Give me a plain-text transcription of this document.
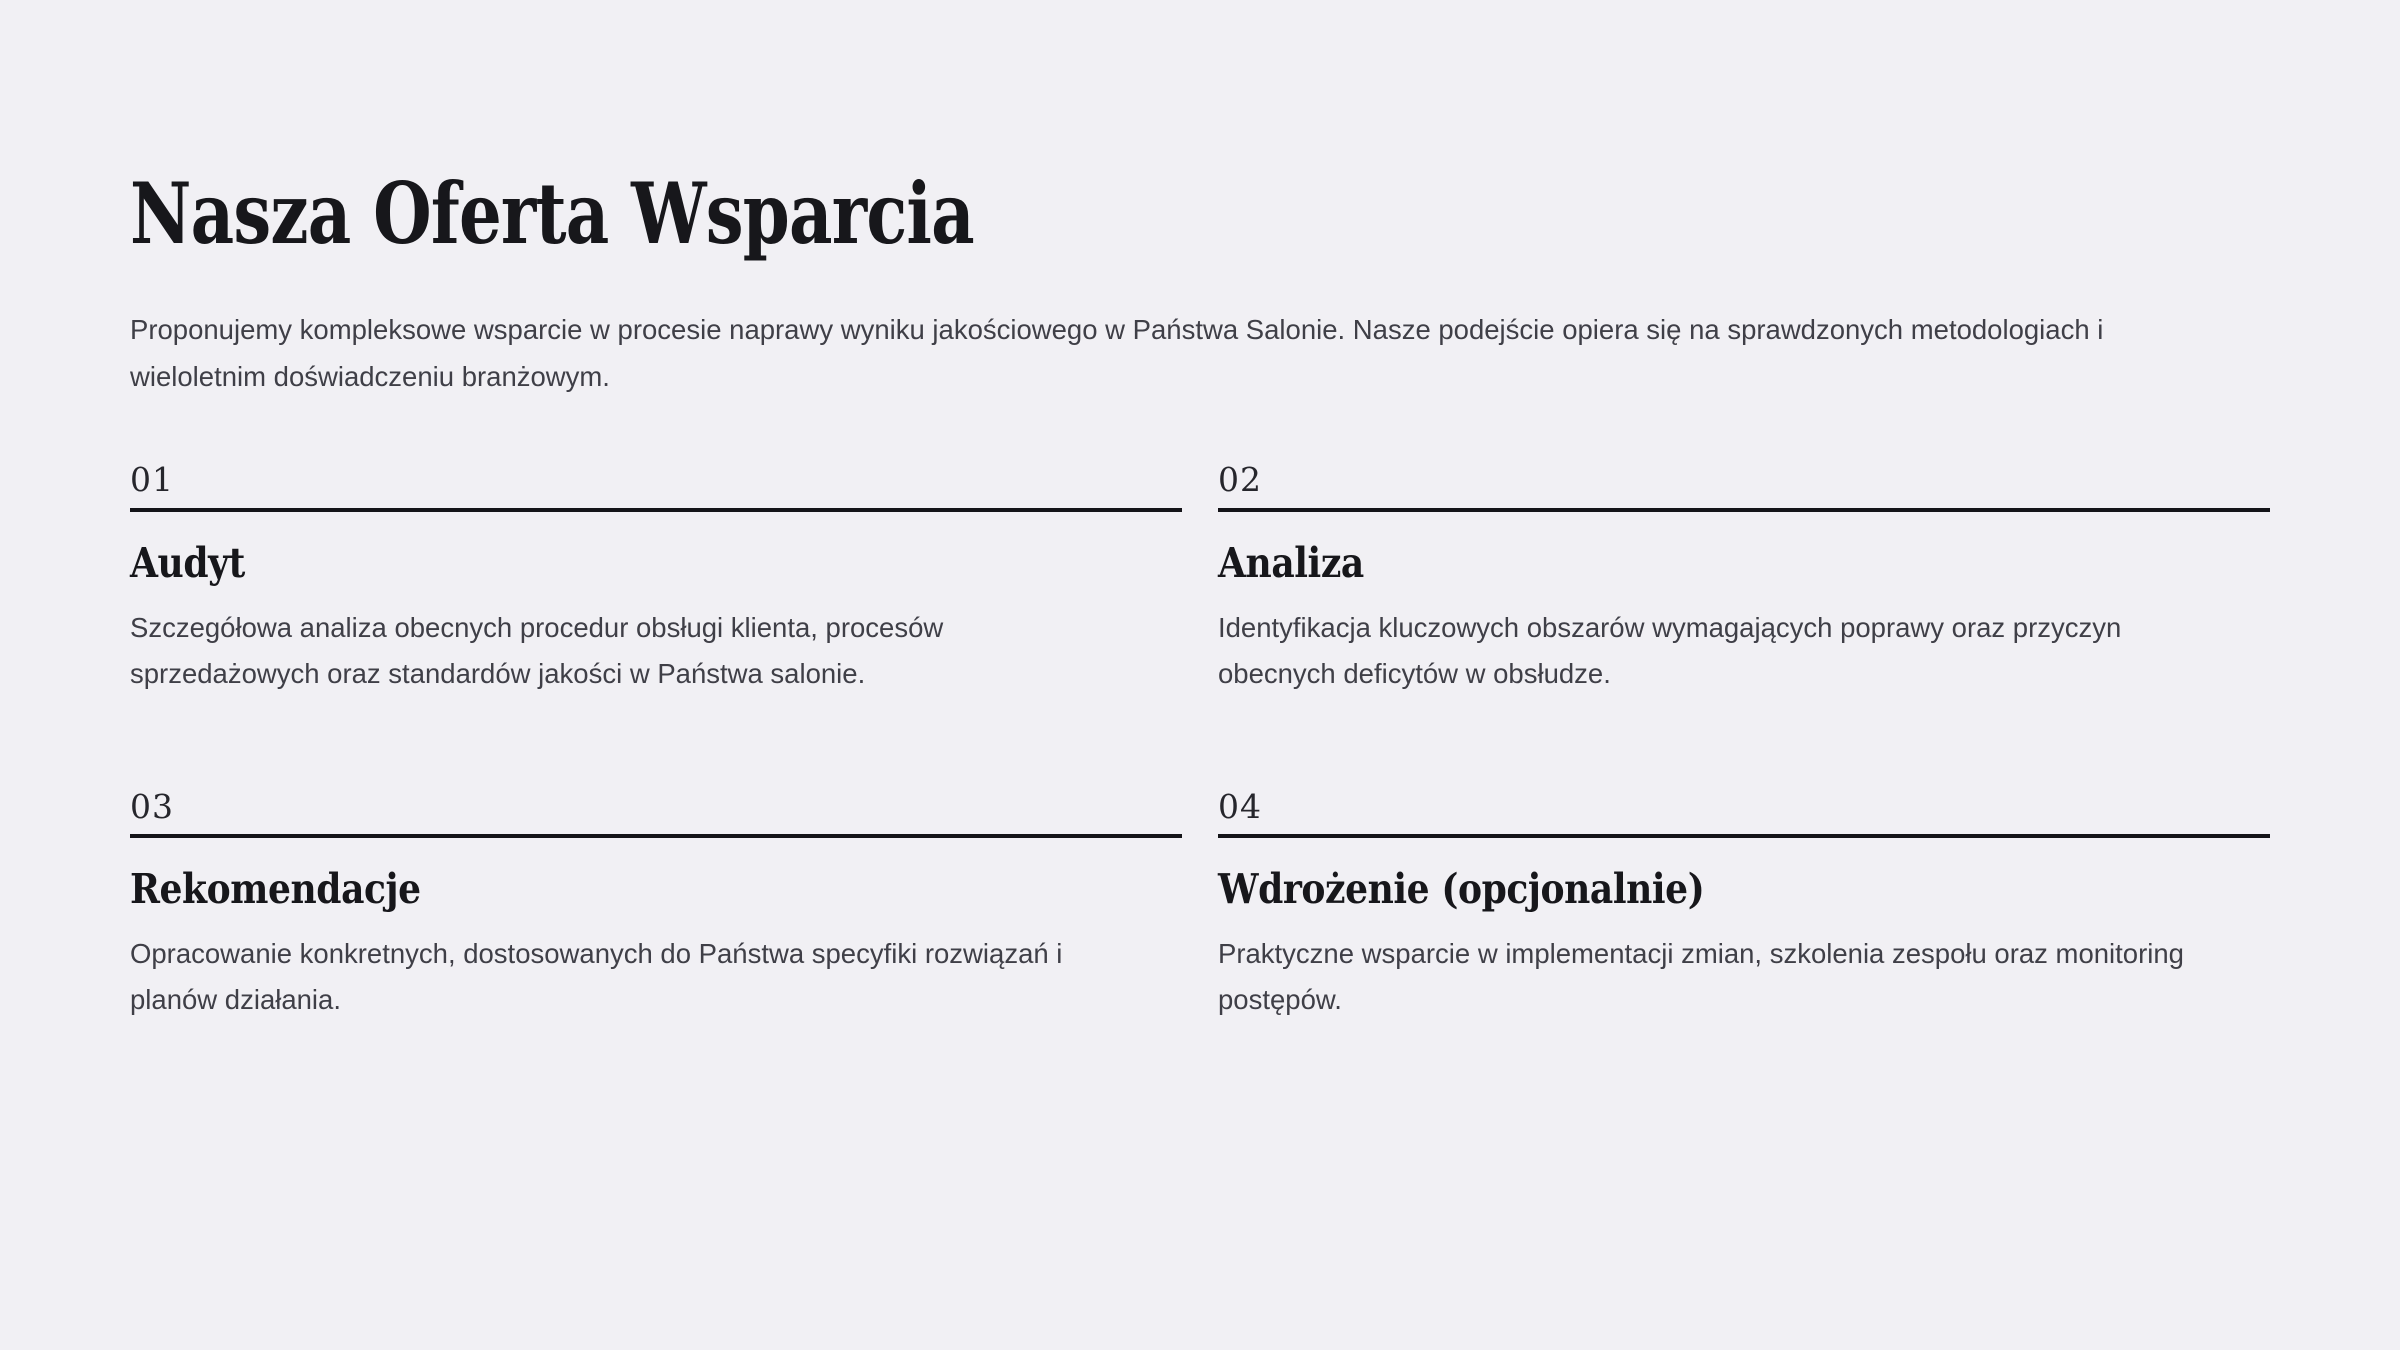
Nasza Oferta Wsparcia

Proponujemy kompleksowe wsparcie w procesie naprawy wyniku jakościowego w Państwa Salonie. Nasze podejście opiera się na sprawdzonych metodologiach i wieloletnim doświadczeniu branżowym.

01
Audyt

Szczegółowa analiza obecnych procedur obsługi klienta, procesów sprzedażowych oraz standardów jakości w Państwa salonie.

02
Analiza

Identyfikacja kluczowych obszarów wymagających poprawy oraz przyczyn obecnych deficytów w obsłudze.

03
Rekomendacje

Opracowanie konkretnych, dostosowanych do Państwa specyfiki rozwiązań i planów działania.

04
Wdrożenie (opcjonalnie)

Praktyczne wsparcie w implementacji zmian, szkolenia zespołu oraz monitoring postępów.
